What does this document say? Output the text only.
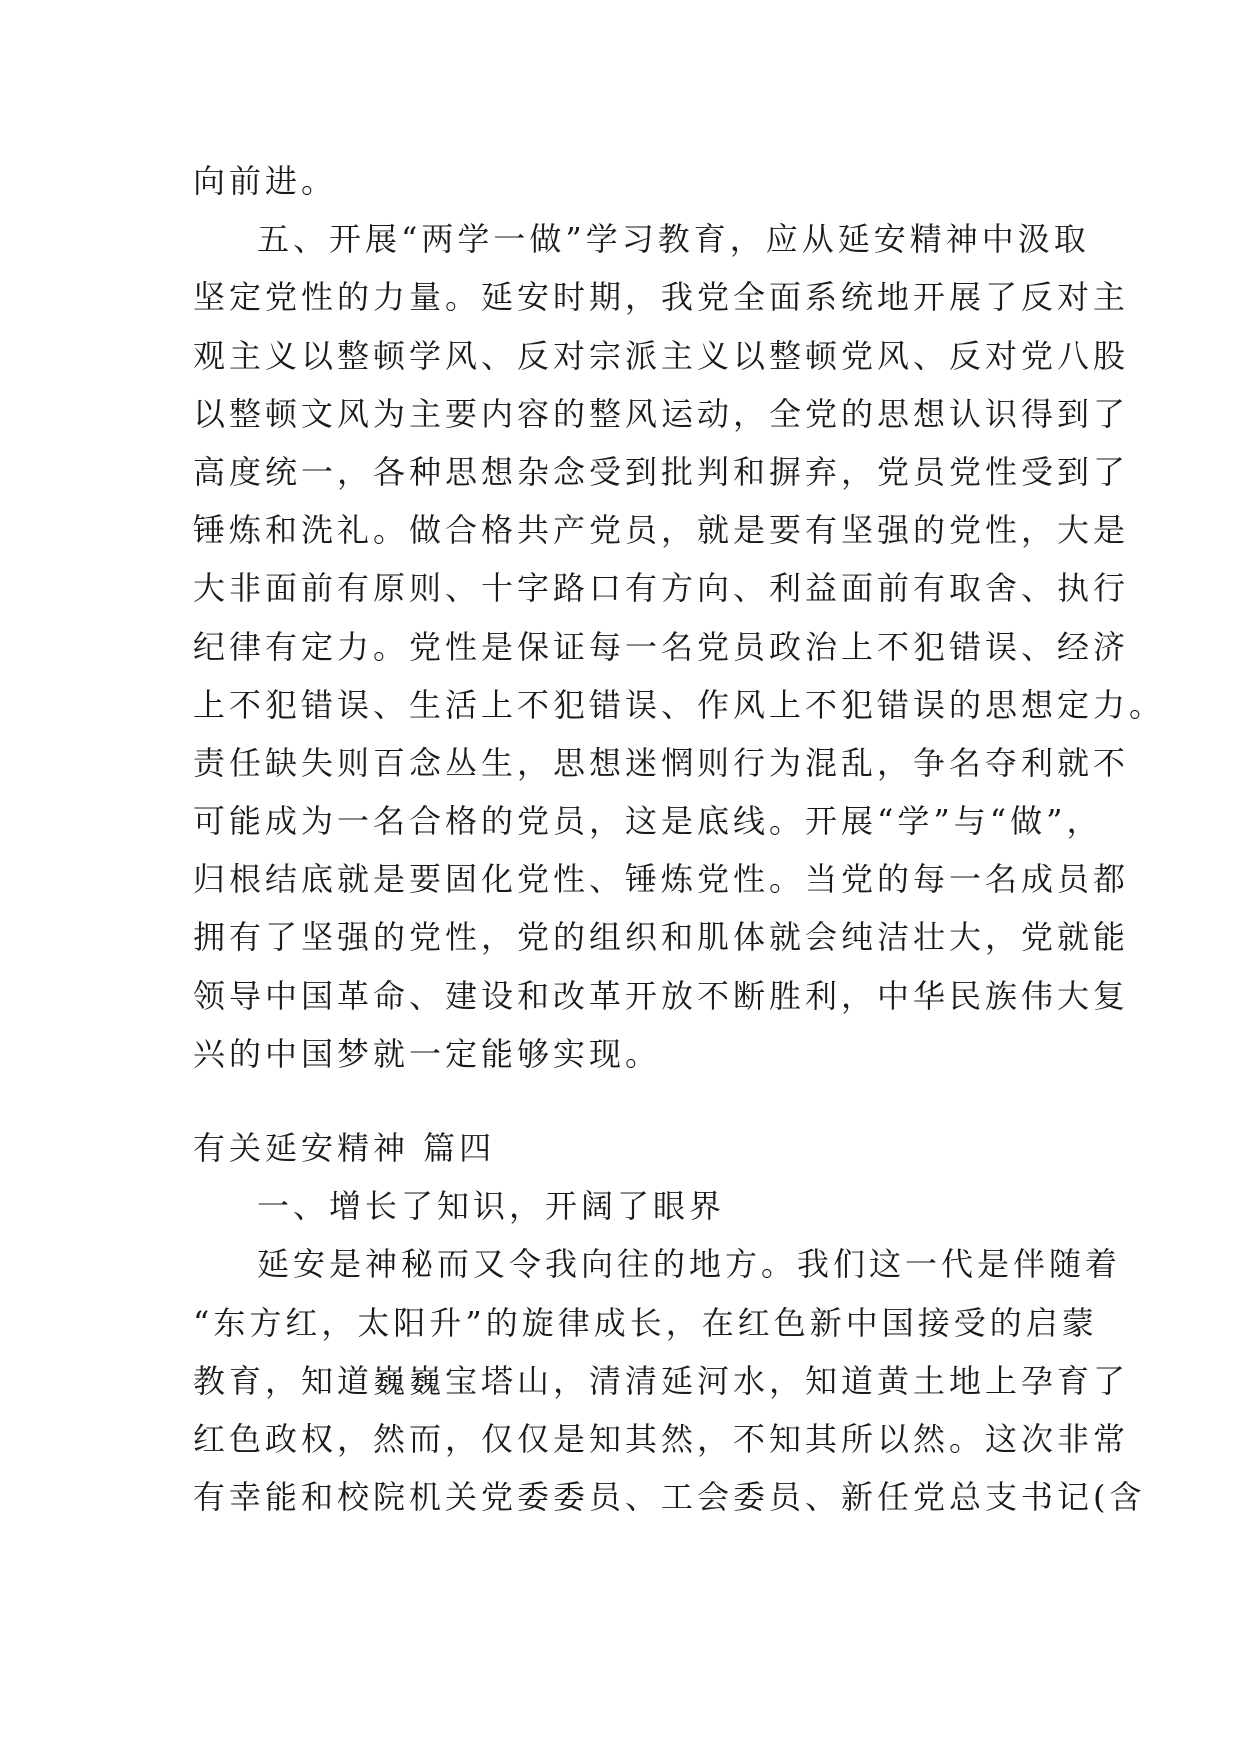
向前进。
五、开展“两学一做”学习教育，应从延安精神中汲取
坚定党性的力量。延安时期，我党全面系统地开展了反对主
观主义以整顿学风、反对宗派主义以整顿党风、反对党八股
以整顿文风为主要内容的整风运动，全党的思想认识得到了
高度统一，各种思想杂念受到批判和摒弃，党员党性受到了
锤炼和洗礼。做合格共产党员，就是要有坚强的党性，大是
大非面前有原则、十字路口有方向、利益面前有取舍、执行
纪律有定力。党性是保证每一名党员政治上不犯错误、经济
上不犯错误、生活上不犯错误、作风上不犯错误的思想定力。
责任缺失则百念丛生，思想迷惘则行为混乱，争名夺利就不
可能成为一名合格的党员，这是底线。开展“学”与“做”，
归根结底就是要固化党性、锤炼党性。当党的每一名成员都
拥有了坚强的党性，党的组织和肌体就会纯洁壮大，党就能
领导中国革命、建设和改革开放不断胜利，中华民族伟大复
兴的中国梦就一定能够实现。
有关延安精神 篇四
一、增长了知识，开阔了眼界
延安是神秘而又令我向往的地方。我们这一代是伴随着
“东方红，太阳升”的旋律成长，在红色新中国接受的启蒙
教育，知道巍巍宝塔山，清清延河水，知道黄土地上孕育了
红色政权，然而，仅仅是知其然，不知其所以然。这次非常
有幸能和校院机关党委委员、工会委员、新任党总支书记(含
